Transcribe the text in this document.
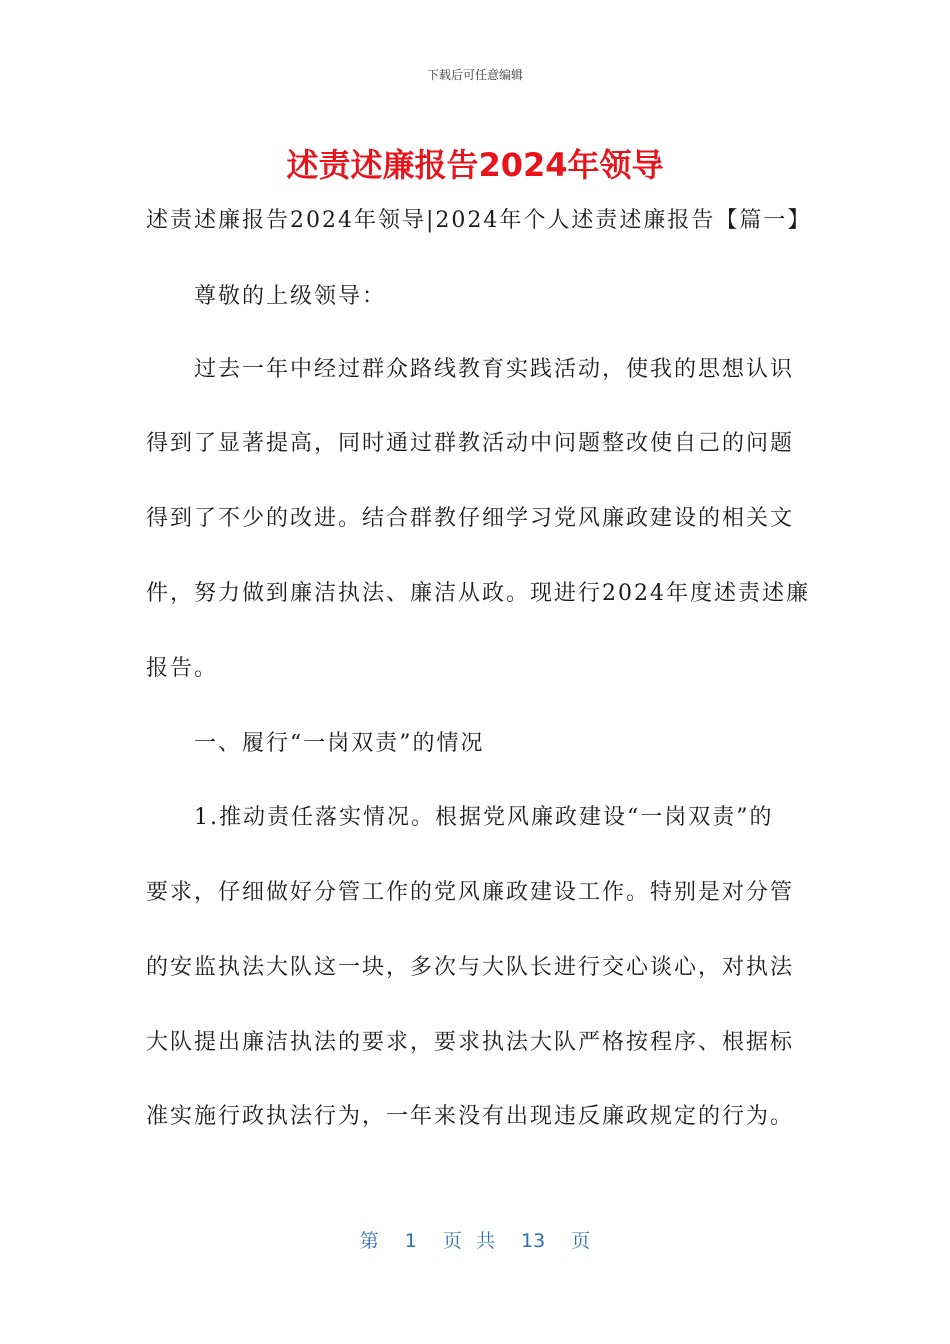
下载后可任意编辑
述责述廉报告2024年领导
述责述廉报告2024年领导|2024年个人述责述廉报告【篇一】
尊敬的上级领导：
过去一年中经过群众路线教育实践活动，使我的思想认识
得到了显著提高，同时通过群教活动中问题整改使自己的问题
得到了不少的改进。结合群教仔细学习党风廉政建设的相关文
件，努力做到廉洁执法、廉洁从政。现进行2024年度述责述廉
报告。
一、履行“一岗双责”的情况
1.推动责任落实情况。根据党风廉政建设“一岗双责”的
要求，仔细做好分管工作的党风廉政建设工作。特别是对分管
的安监执法大队这一块，多次与大队长进行交心谈心，对执法
大队提出廉洁执法的要求，要求执法大队严格按程序、根据标
准实施行政执法行为，一年来没有出现违反廉政规定的行为。
第 1 页 共 13 页
